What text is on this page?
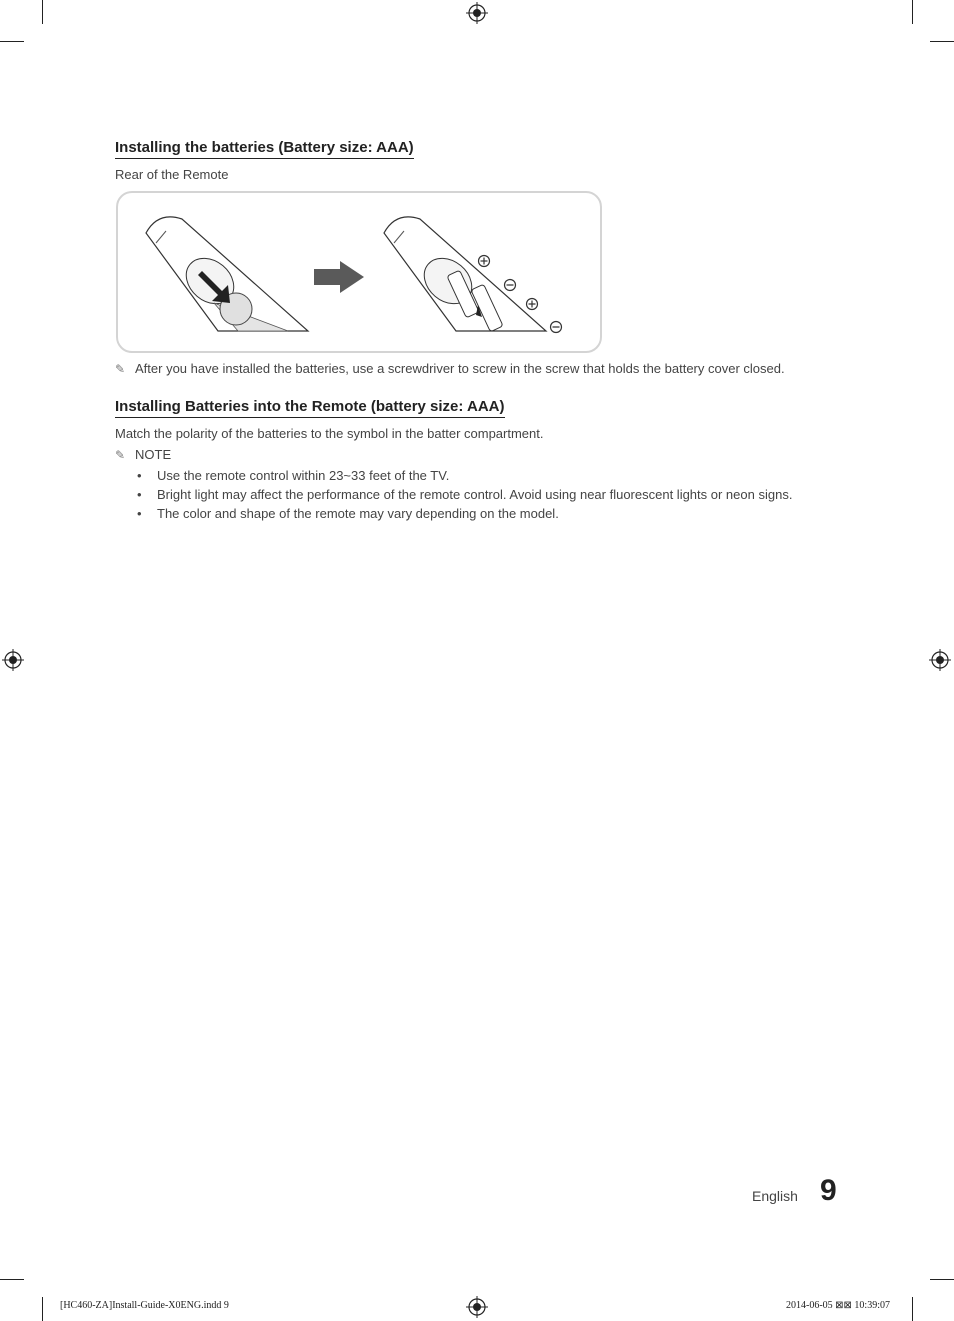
Installing the batteries (Battery size: AAA)
Rear of the Remote
✎ After you have installed the batteries, use a screwdriver to screw in the screw that holds the battery cover closed.
Installing Batteries into the Remote (battery size: AAA)
Match the polarity of the batteries to the symbol in the batter compartment.
✎ NOTE
• Use the remote control within 23~33 feet of the TV.
• Bright light may affect the performance of the remote control. Avoid using near fluorescent lights or neon signs.
• The color and shape of the remote may vary depending on the model.
English 9
[HC460-ZA]Install-Guide-X0ENG.indd 9	2014-06-05 ⊠⊠ 10:39:07
